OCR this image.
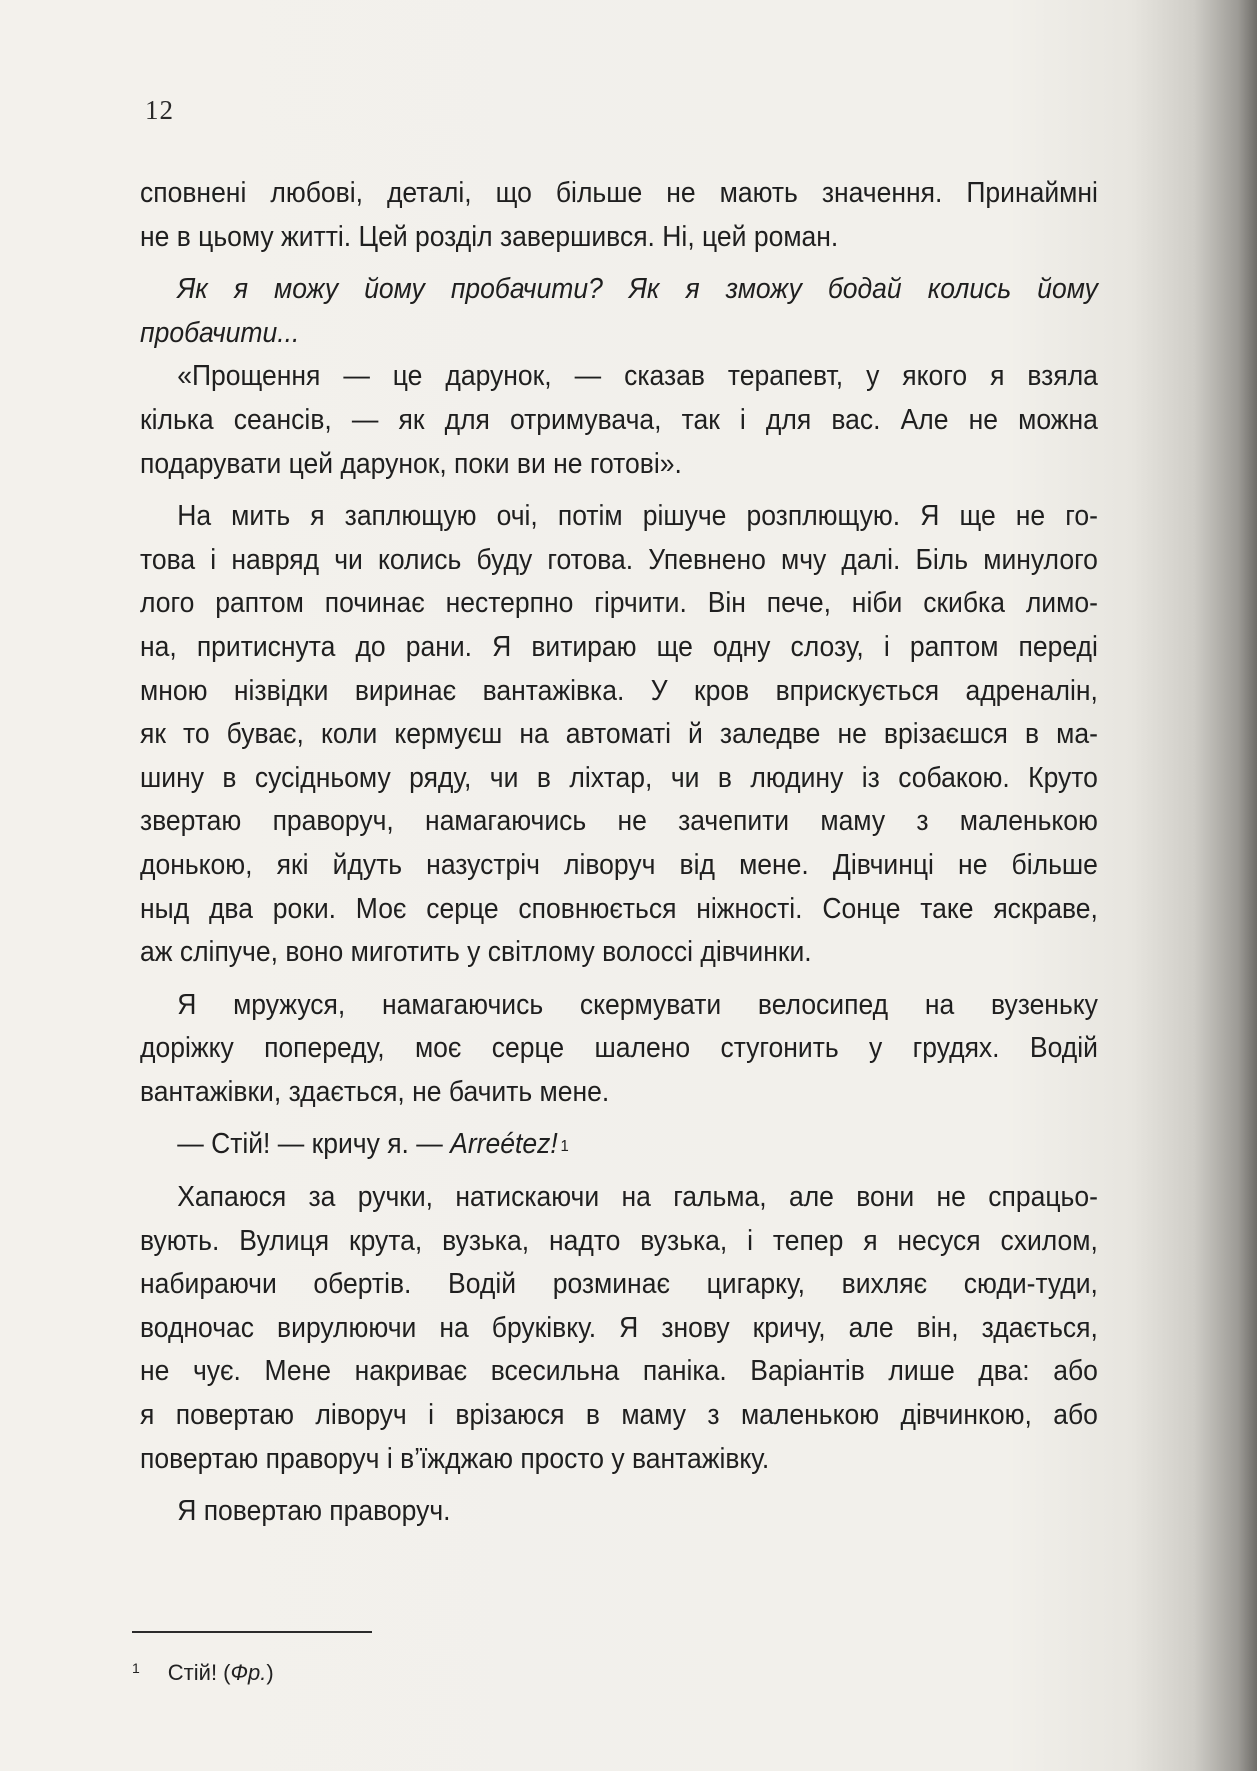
12
сповнені любові, деталі, що більше не мають значення. Принаймні
не в цьому житті. Цей розділ завершився. Ні, цей роман.
Як я можу йому пробачити? Як я зможу бодай колись йому
пробачити...
«Прощення — це дарунок, — сказав терапевт, у якого я взяла
кілька сеансів, — як для отримувача, так і для вас. Але не можна
подарувати цей дарунок, поки ви не готові».
На мить я заплющую очі, потім рішуче розплющую. Я ще не го-
това і навряд чи колись буду готова. Упевнено мчу далі. Біль минулого
лого раптом починає нестерпно гірчити. Він пече, ніби скибка лимо-
на, притиснута до рани. Я витираю ще одну слозу, і раптом переді
мною нізвідки виринає вантажівка. У кров вприскується адреналін,
як то буває, коли кермуєш на автоматі й заледве не врізаєшся в ма-
шину в сусідньому ряду, чи в ліхтар, чи в людину із собакою. Круто
звертаю праворуч, намагаючись не зачепити маму з маленькою
донькою, які йдуть назустріч ліворуч від мене. Дівчинці не більше
ныд два роки. Моє серце сповнюється ніжності. Сонце таке яскраве,
аж сліпуче, воно миготить у світлому волоссі дівчинки.
Я мружуся, намагаючись скермувати велосипед на вузеньку
доріжку попереду, моє серце шалено стугонить у грудях. Водій
вантажівки, здається, не бачить мене.
— Стій! — кричу я. — Arreétez! $^1$
Хапаюся за ручки, натискаючи на гальма, але вони не спрацьо-
вують. Вулиця крута, вузька, надто вузька, і тепер я несуся схилом,
набираючи обертів. Водій розминає цигарку, вихляє сюди-туди,
водночас вирулюючи на бруківку. Я знову кричу, але він, здається,
не чує. Мене накриває всесильна паніка. Варіантів лише два: або
я повертаю ліворуч і врізаюся в маму з маленькою дівчинкою, або
повертаю праворуч і в’їжджаю просто у вантажівку.
Я повертаю праворуч.
$^1$ Стій! (Фр.)
